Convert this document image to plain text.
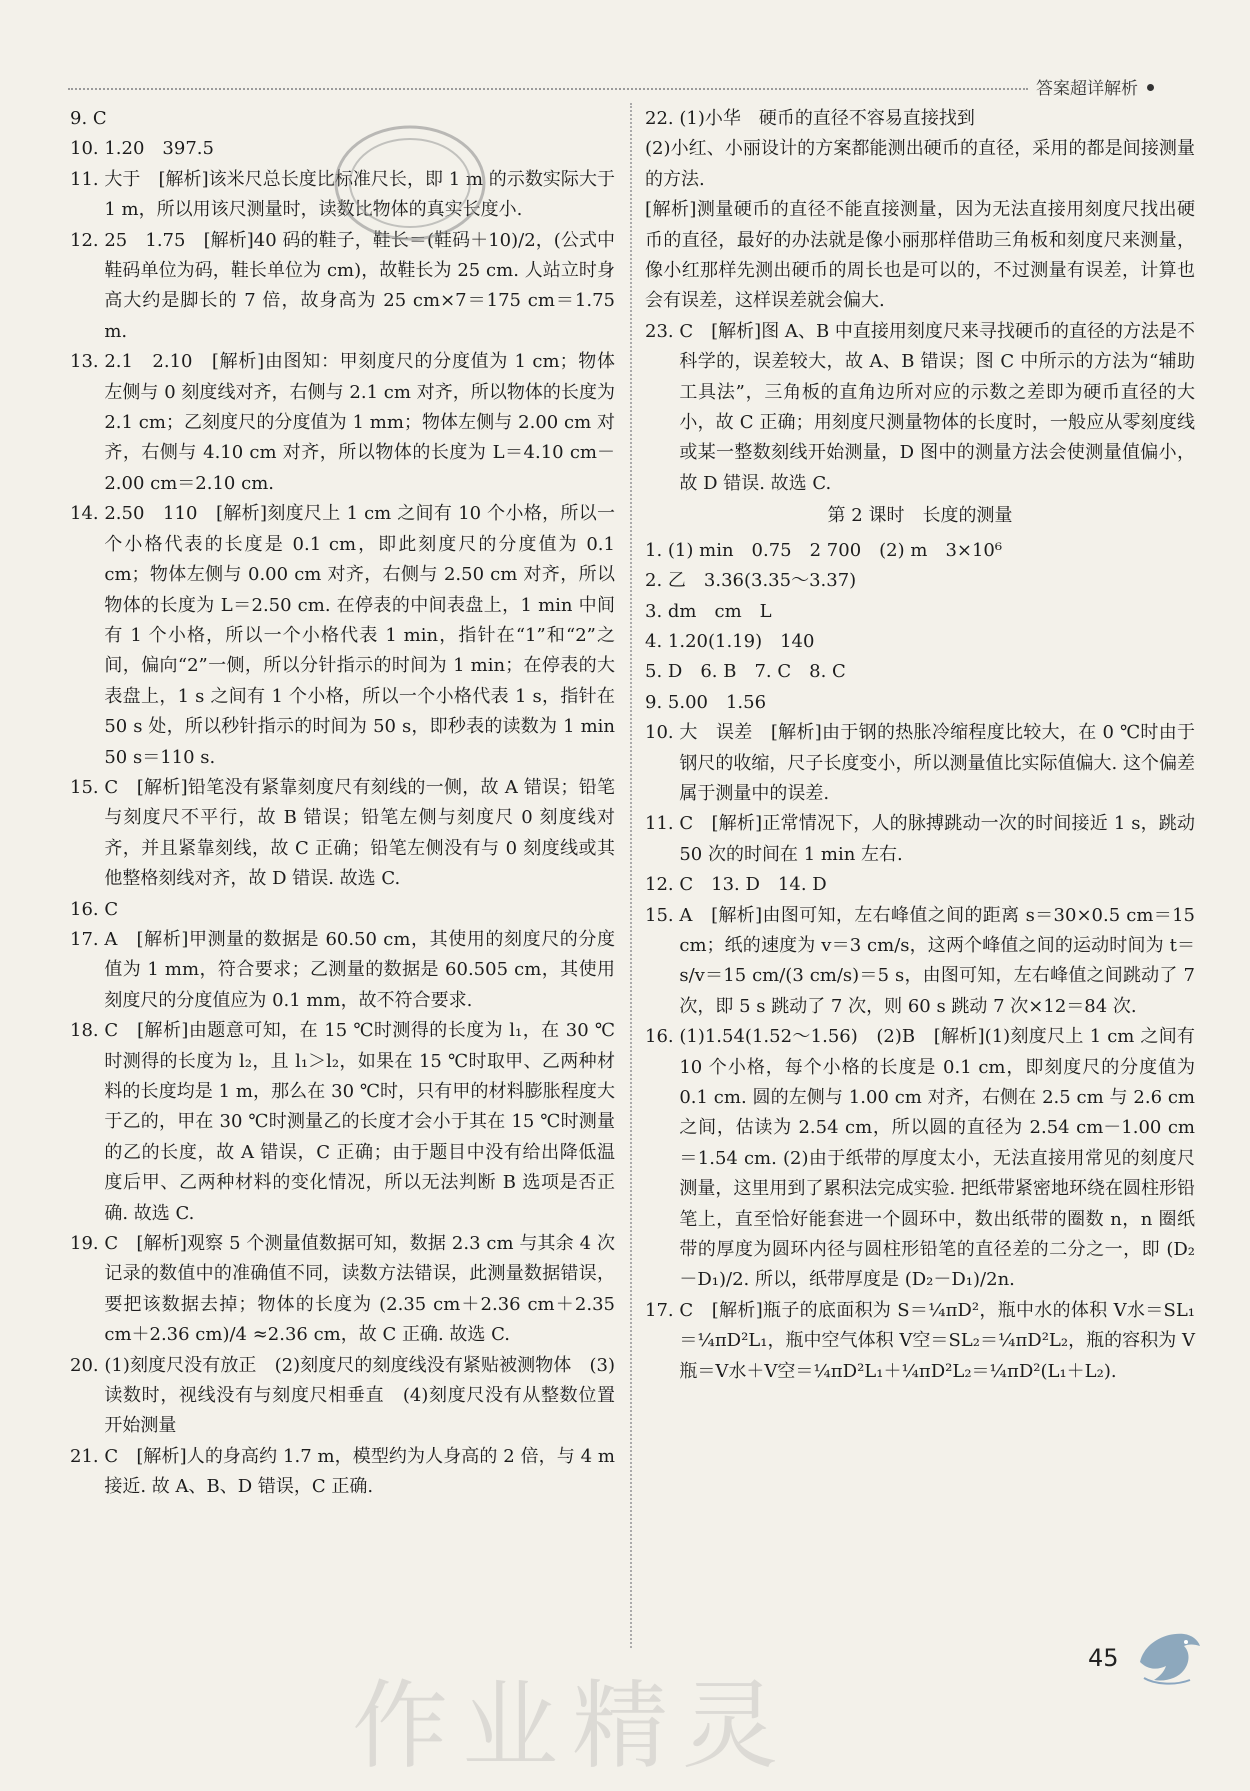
答案超详解析
9. C
10. 1.20　397.5
11. 大于　[解析]该米尺总长度比标准尺长，即 1 m 的示数实际大于 1 m，所以用该尺测量时，读数比物体的真实长度小.
12. 25　1.75　[解析]40 码的鞋子，鞋长＝(鞋码＋10)/2，(公式中鞋码单位为码，鞋长单位为 cm)，故鞋长为 25 cm. 人站立时身高大约是脚长的 7 倍，故身高为 25 cm×7＝175 cm＝1.75 m.
13. 2.1　2.10　[解析]由图知：甲刻度尺的分度值为 1 cm；物体左侧与 0 刻度线对齐，右侧与 2.1 cm 对齐，所以物体的长度为 2.1 cm；乙刻度尺的分度值为 1 mm；物体左侧与 2.00 cm 对齐，右侧与 4.10 cm 对齐，所以物体的长度为 L＝4.10 cm－2.00 cm＝2.10 cm.
14. 2.50　110　[解析]刻度尺上 1 cm 之间有 10 个小格，所以一个小格代表的长度是 0.1 cm，即此刻度尺的分度值为 0.1 cm；物体左侧与 0.00 cm 对齐，右侧与 2.50 cm 对齐，所以物体的长度为 L＝2.50 cm. 在停表的中间表盘上，1 min 中间有 1 个小格，所以一个小格代表 1 min，指针在“1”和“2”之间，偏向“2”一侧，所以分针指示的时间为 1 min；在停表的大表盘上，1 s 之间有 1 个小格，所以一个小格代表 1 s，指针在 50 s 处，所以秒针指示的时间为 50 s，即秒表的读数为 1 min 50 s＝110 s.
15. C　[解析]铅笔没有紧靠刻度尺有刻线的一侧，故 A 错误；铅笔与刻度尺不平行，故 B 错误；铅笔左侧与刻度尺 0 刻度线对齐，并且紧靠刻线，故 C 正确；铅笔左侧没有与 0 刻度线或其他整格刻线对齐，故 D 错误. 故选 C.
16. C
17. A　[解析]甲测量的数据是 60.50 cm，其使用的刻度尺的分度值为 1 mm，符合要求；乙测量的数据是 60.505 cm，其使用刻度尺的分度值应为 0.1 mm，故不符合要求.
18. C　[解析]由题意可知，在 15 ℃时测得的长度为 l₁，在 30 ℃时测得的长度为 l₂，且 l₁＞l₂，如果在 15 ℃时取甲、乙两种材料的长度均是 1 m，那么在 30 ℃时，只有甲的材料膨胀程度大于乙的，甲在 30 ℃时测量乙的长度才会小于其在 15 ℃时测量的乙的长度，故 A 错误，C 正确；由于题目中没有给出降低温度后甲、乙两种材料的变化情况，所以无法判断 B 选项是否正确. 故选 C.
19. C　[解析]观察 5 个测量值数据可知，数据 2.3 cm 与其余 4 次记录的数值中的准确值不同，读数方法错误，此测量数据错误，要把该数据去掉；物体的长度为 (2.35 cm＋2.36 cm＋2.35 cm＋2.36 cm)/4 ≈2.36 cm，故 C 正确. 故选 C.
20. (1)刻度尺没有放正　(2)刻度尺的刻度线没有紧贴被测物体　(3)读数时，视线没有与刻度尺相垂直　(4)刻度尺没有从整数位置开始测量
21. C　[解析]人的身高约 1.7 m，模型约为人身高的 2 倍，与 4 m 接近. 故 A、B、D 错误，C 正确.
22. (1)小华　硬币的直径不容易直接找到
(2)小红、小丽设计的方案都能测出硬币的直径，采用的都是间接测量的方法.
[解析]测量硬币的直径不能直接测量，因为无法直接用刻度尺找出硬币的直径，最好的办法就是像小丽那样借助三角板和刻度尺来测量，像小红那样先测出硬币的周长也是可以的，不过测量有误差，计算也会有误差，这样误差就会偏大.
23. C　[解析]图 A、B 中直接用刻度尺来寻找硬币的直径的方法是不科学的，误差较大，故 A、B 错误；图 C 中所示的方法为“辅助工具法”，三角板的直角边所对应的示数之差即为硬币直径的大小，故 C 正确；用刻度尺测量物体的长度时，一般应从零刻度线或某一整数刻线开始测量，D 图中的测量方法会使测量值偏小，故 D 错误. 故选 C.
第 2 课时　长度的测量
1. (1) min　0.75　2 700　(2) m　3×10⁶
2. 乙　3.36(3.35～3.37)
3. dm　cm　L
4. 1.20(1.19)　140
5. D　6. B　7. C　8. C
9. 5.00　1.56
10. 大　误差　[解析]由于钢的热胀冷缩程度比较大，在 0 ℃时由于钢尺的收缩，尺子长度变小，所以测量值比实际值偏大. 这个偏差属于测量中的误差.
11. C　[解析]正常情况下，人的脉搏跳动一次的时间接近 1 s，跳动 50 次的时间在 1 min 左右.
12. C　13. D　14. D
15. A　[解析]由图可知，左右峰值之间的距离 s＝30×0.5 cm＝15 cm；纸的速度为 v＝3 cm/s，这两个峰值之间的运动时间为 t＝s/v＝15 cm/(3 cm/s)＝5 s，由图可知，左右峰值之间跳动了 7 次，即 5 s 跳动了 7 次，则 60 s 跳动 7 次×12＝84 次.
16. (1)1.54(1.52～1.56)　(2)B　[解析](1)刻度尺上 1 cm 之间有 10 个小格，每个小格的长度是 0.1 cm，即刻度尺的分度值为 0.1 cm. 圆的左侧与 1.00 cm 对齐，右侧在 2.5 cm 与 2.6 cm 之间，估读为 2.54 cm，所以圆的直径为 2.54 cm－1.00 cm＝1.54 cm. (2)由于纸带的厚度太小，无法直接用常见的刻度尺测量，这里用到了累积法完成实验. 把纸带紧密地环绕在圆柱形铅笔上，直至恰好能套进一个圆环中，数出纸带的圈数 n，n 圈纸带的厚度为圆环内径与圆柱形铅笔的直径差的二分之一，即 (D₂－D₁)/2. 所以，纸带厚度是 (D₂－D₁)/2n.
17. C　[解析]瓶子的底面积为 S＝¼πD²，瓶中水的体积 V水＝SL₁＝¼πD²L₁，瓶中空气体积 V空＝SL₂＝¼πD²L₂，瓶的容积为 V瓶＝V水＋V空＝¼πD²L₁＋¼πD²L₂＝¼πD²(L₁＋L₂).
作业精灵
45
